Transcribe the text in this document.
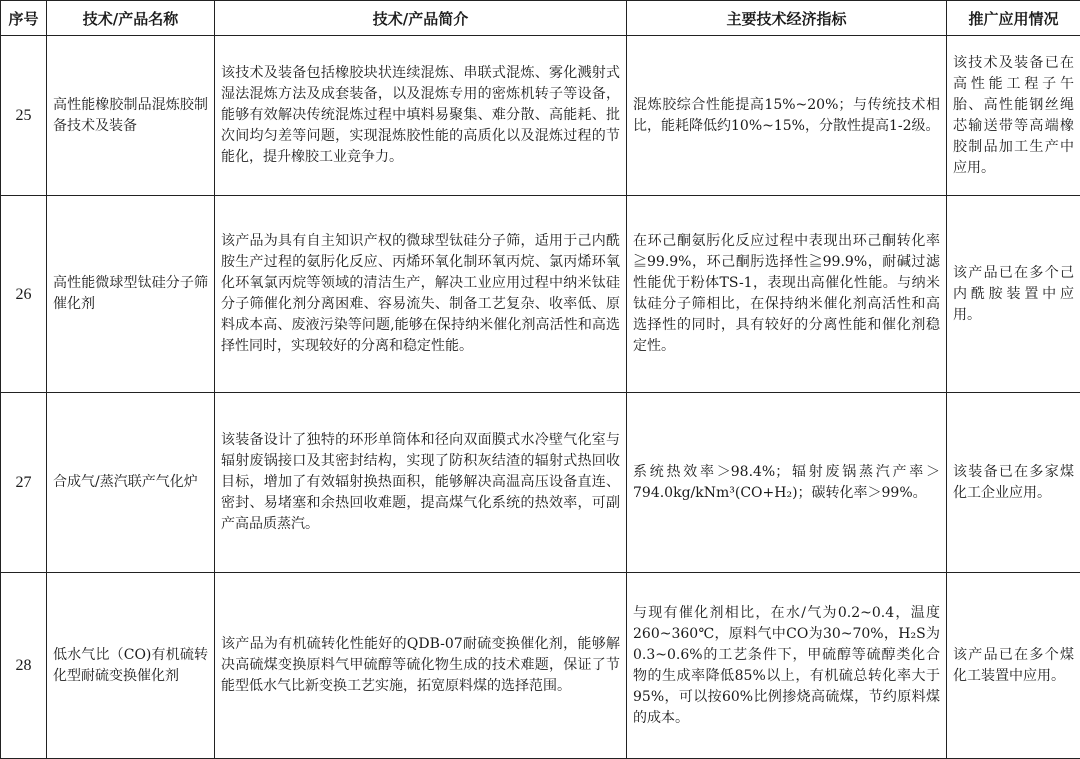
序号	技术/产品名称	技术/产品简介	主要技术经济指标	推广应用情况
25	高性能橡胶制品混炼胶制备技术及装备	该技术及装备包括橡胶块状连续混炼、串联式混炼、雾化溅射式湿法混炼方法及成套装备，以及混炼专用的密炼机转子等设备，能够有效解决传统混炼过程中填料易聚集、难分散、高能耗、批次间均匀差等问题，实现混炼胶性能的高质化以及混炼过程的节能化，提升橡胶工业竞争力。	混炼胶综合性能提高15%~20%；与传统技术相比，能耗降低约10%~15%，分散性提高1-2级。	该技术及装备已在高性能工程子午胎、高性能钢丝绳芯输送带等高端橡胶制品加工生产中应用。
26	高性能微球型钛硅分子筛催化剂	该产品为具有自主知识产权的微球型钛硅分子筛，适用于己内酰胺生产过程的氨肟化反应、丙烯环氧化制环氧丙烷、氯丙烯环氧化环氧氯丙烷等领域的清洁生产，解决工业应用过程中纳米钛硅分子筛催化剂分离困难、容易流失、制备工艺复杂、收率低、原料成本高、废液污染等问题,能够在保持纳米催化剂高活性和高选择性同时，实现较好的分离和稳定性能。	在环己酮氨肟化反应过程中表现出环己酮转化率≧99.9%，环己酮肟选择性≧99.9%，耐碱过滤性能优于粉体TS-1，表现出高催化性能。与纳米钛硅分子筛相比，在保持纳米催化剂高活性和高选择性的同时，具有较好的分离性能和催化剂稳定性。	该产品已在多个己内酰胺装置中应用。
27	合成气/蒸汽联产气化炉	该装备设计了独特的环形单筒体和径向双面膜式水冷壁气化室与辐射废锅接口及其密封结构，实现了防积灰结渣的辐射式热回收目标，增加了有效辐射换热面积，能够解决高温高压设备直连、密封、易堵塞和余热回收难题，提高煤气化系统的热效率，可副产高品质蒸汽。	系统热效率＞98.4%；辐射废锅蒸汽产率＞794.0kg/kNm³(CO+H₂)；碳转化率＞99%。	该装备已在多家煤化工企业应用。
28	低水气比（CO)有机硫转化型耐硫变换催化剂	该产品为有机硫转化性能好的QDB-07耐硫变换催化剂，能够解决高硫煤变换原料气甲硫醇等硫化物生成的技术难题，保证了节能型低水气比新变换工艺实施，拓宽原料煤的选择范围。	与现有催化剂相比，在水/气为0.2~0.4，温度260~360℃，原料气中CO为30~70%，H₂S为0.3~0.6%的工艺条件下，甲硫醇等硫醇类化合物的生成率降低85%以上，有机硫总转化率大于95%，可以按60%比例掺烧高硫煤，节约原料煤的成本。	该产品已在多个煤化工装置中应用。
